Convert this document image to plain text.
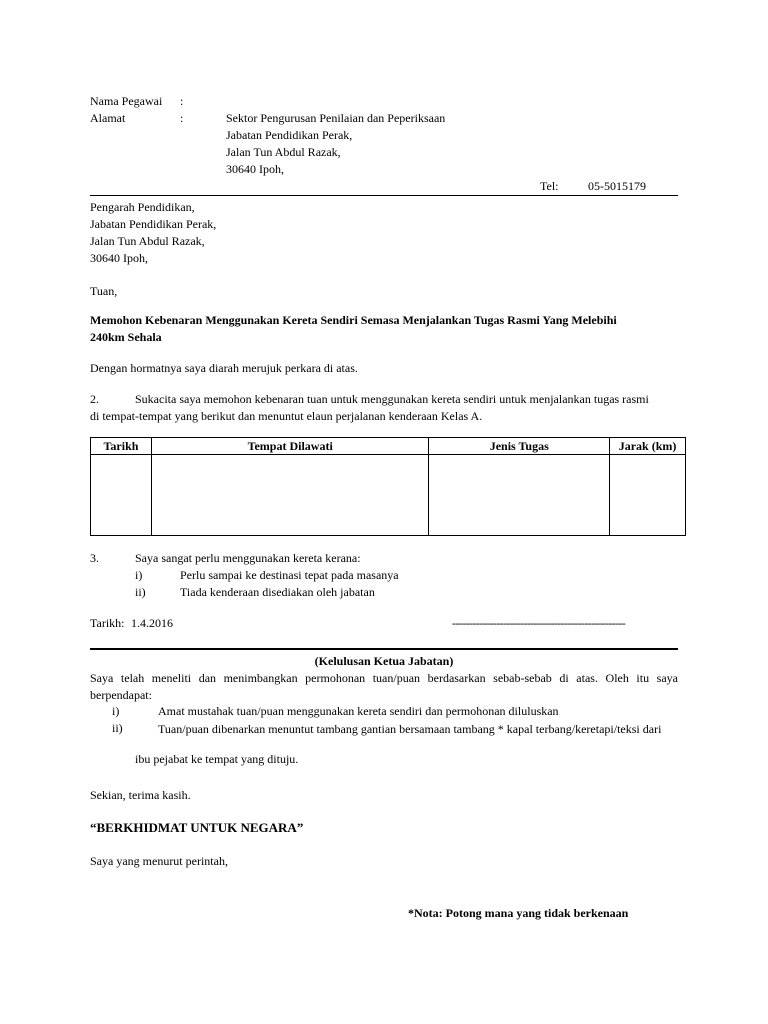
Nama Pegawai :
Alamat	:	Sektor Pengurusan Penilaian dan Peperiksaan
Jabatan Pendidikan Perak,
Jalan Tun Abdul Razak,
30640 Ipoh,
Tel: 05-5015179
Pengarah Pendidikan,
Jabatan Pendidikan Perak,
Jalan Tun Abdul Razak,
30640 Ipoh,
Tuan,
Memohon Kebenaran Menggunakan Kereta Sendiri Semasa Menjalankan Tugas Rasmi Yang Melebihi
240km Sehala
Dengan hormatnya saya diarah merujuk perkara di atas.
2.	Sukacita saya memohon kebenaran tuan untuk menggunakan kereta sendiri untuk menjalankan tugas rasmi
di tempat-tempat yang berikut dan menuntut elaun perjalanan kenderaan Kelas A.
Tarikh	Tempat Dilawati	Jenis Tugas	Jarak (km)

3.	Saya sangat perlu menggunakan kereta kerana:
i)	Perlu sampai ke destinasi tepat pada masanya
ii)	Tiada kenderaan disediakan oleh jabatan
Tarikh: 1.4.2016	---------------------------------------------------
(Kelulusan Ketua Jabatan)
Saya telah meneliti dan menimbangkan permohonan tuan/puan berdasarkan sebab-sebab di atas. Oleh itu saya berpendapat:
i)	Amat mustahak tuan/puan menggunakan kereta sendiri dan permohonan diluluskan
ii)	Tuan/puan dibenarkan menuntut tambang gantian bersamaan tambang * kapal terbang/keretapi/teksi dari
ibu pejabat ke tempat yang dituju.
Sekian, terima kasih.
“BERKHIDMAT UNTUK NEGARA”
Saya yang menurut perintah,
*Nota: Potong mana yang tidak berkenaan
